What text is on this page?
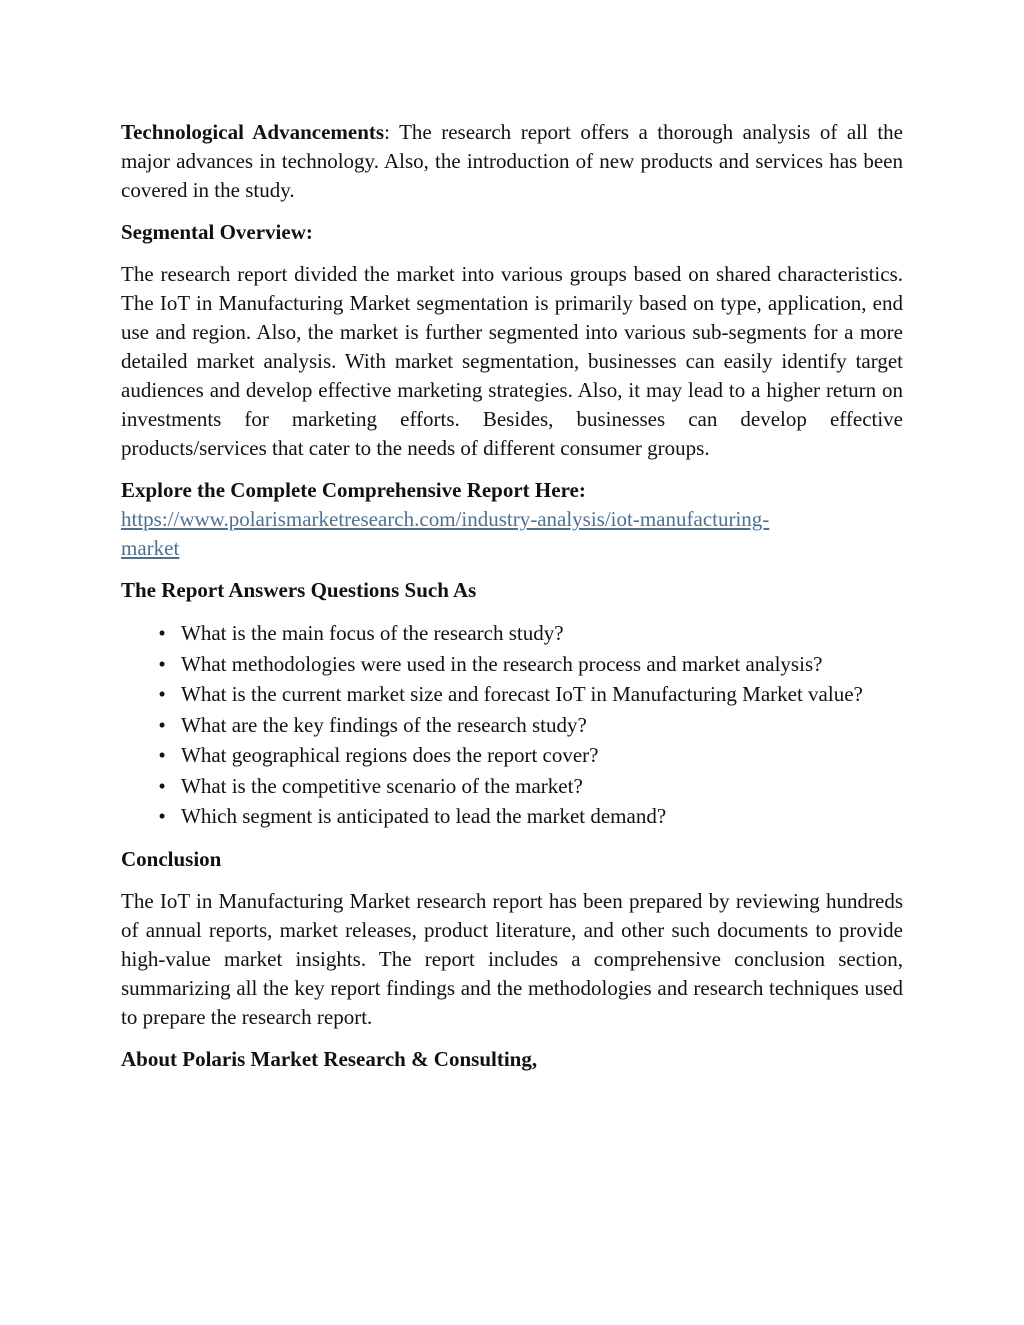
Technological Advancements: The research report offers a thorough analysis of all the major advances in technology. Also, the introduction of new products and services has been covered in the study.

Segmental Overview:

The research report divided the market into various groups based on shared characteristics. The IoT in Manufacturing Market segmentation is primarily based on type, application, end use and region. Also, the market is further segmented into various sub-segments for a more detailed market analysis. With market segmentation, businesses can easily identify target audiences and develop effective marketing strategies. Also, it may lead to a higher return on investments for marketing efforts. Besides, businesses can develop effective products/services that cater to the needs of different consumer groups.

Explore the Complete Comprehensive Report Here:
https://www.polarismarketresearch.com/industry-analysis/iot-manufacturing-
market

The Report Answers Questions Such As

• What is the main focus of the research study?
• What methodologies were used in the research process and market analysis?
• What is the current market size and forecast IoT in Manufacturing Market value?
• What are the key findings of the research study?
• What geographical regions does the report cover?
• What is the competitive scenario of the market?
• Which segment is anticipated to lead the market demand?

Conclusion

The IoT in Manufacturing Market research report has been prepared by reviewing hundreds of annual reports, market releases, product literature, and other such documents to provide high-value market insights. The report includes a comprehensive conclusion section, summarizing all the key report findings and the methodologies and research techniques used to prepare the research report.

About Polaris Market Research & Consulting,
